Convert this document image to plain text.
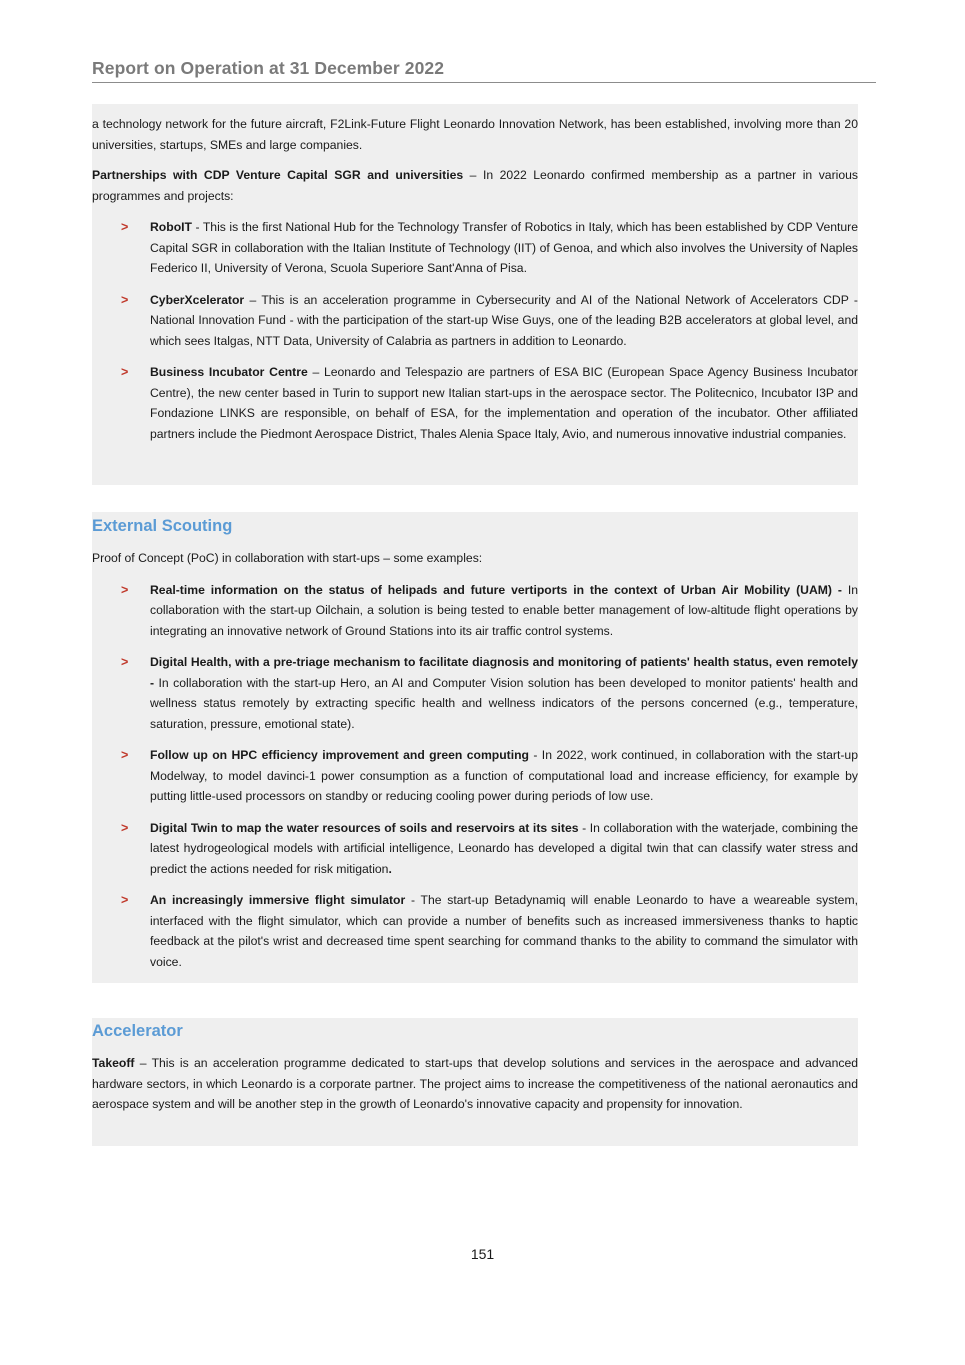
Report on Operation at 31 December 2022

a technology network for the future aircraft, F2Link-Future Flight Leonardo Innovation Network, has been established, involving more than 20 universities, startups, SMEs and large companies.

Partnerships with CDP Venture Capital SGR and universities – In 2022 Leonardo confirmed membership as a partner in various programmes and projects:

> RoboIT - This is the first National Hub for the Technology Transfer of Robotics in Italy, which has been established by CDP Venture Capital SGR in collaboration with the Italian Institute of Technology (IIT) of Genoa, and which also involves the University of Naples Federico II, University of Verona, Scuola Superiore Sant'Anna of Pisa.
> CyberXcelerator – This is an acceleration programme in Cybersecurity and AI of the National Network of Accelerators CDP - National Innovation Fund - with the participation of the start-up Wise Guys, one of the leading B2B accelerators at global level, and which sees Italgas, NTT Data, University of Calabria as partners in addition to Leonardo.
> Business Incubator Centre – Leonardo and Telespazio are partners of ESA BIC (European Space Agency Business Incubator Centre), the new center based in Turin to support new Italian start-ups in the aerospace sector. The Politecnico, Incubator I3P and Fondazione LINKS are responsible, on behalf of ESA, for the implementation and operation of the incubator. Other affiliated partners include the Piedmont Aerospace District, Thales Alenia Space Italy, Avio, and numerous innovative industrial companies.
External Scouting

Proof of Concept (PoC) in collaboration with start-ups – some examples:

> Real-time information on the status of helipads and future vertiports in the context of Urban Air Mobility (UAM) - In collaboration with the start-up Oilchain, a solution is being tested to enable better management of low-altitude flight operations by integrating an innovative network of Ground Stations into its air traffic control systems.
> Digital Health, with a pre-triage mechanism to facilitate diagnosis and monitoring of patients' health status, even remotely - In collaboration with the start-up Hero, an AI and Computer Vision solution has been developed to monitor patients' health and wellness status remotely by extracting specific health and wellness indicators of the persons concerned (e.g., temperature, saturation, pressure, emotional state).
> Follow up on HPC efficiency improvement and green computing - In 2022, work continued, in collaboration with the start-up Modelway, to model davinci-1 power consumption as a function of computational load and increase efficiency, for example by putting little-used processors on standby or reducing cooling power during periods of low use.
> Digital Twin to map the water resources of soils and reservoirs at its sites - In collaboration with the waterjade, combining the latest hydrogeological models with artificial intelligence, Leonardo has developed a digital twin that can classify water stress and predict the actions needed for risk mitigation.
> An increasingly immersive flight simulator - The start-up Betadynamiq will enable Leonardo to have a weareable system, interfaced with the flight simulator, which can provide a number of benefits such as increased immersiveness thanks to haptic feedback at the pilot's wrist and decreased time spent searching for command thanks to the ability to command the simulator with voice.
Accelerator

Takeoff – This is an acceleration programme dedicated to start-ups that develop solutions and services in the aerospace and advanced hardware sectors, in which Leonardo is a corporate partner. The project aims to increase the competitiveness of the national aeronautics and aerospace system and will be another step in the growth of Leonardo's innovative capacity and propensity for innovation.

151
